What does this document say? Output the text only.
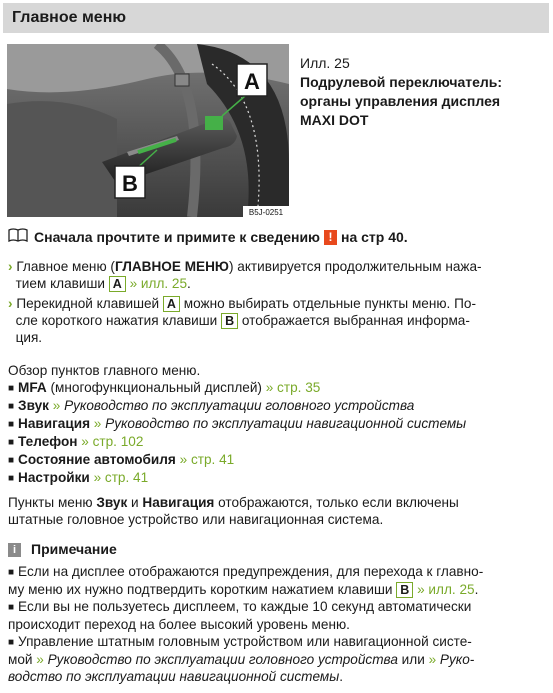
Главное меню
A
B
B5J-0251
Илл. 25
Подрулевой переключатель:
органы управления дисплея
MAXI DOT
Сначала прочтите и примите к сведению ! на стр 40.
› Главное меню (ГЛАВНОЕ МЕНЮ) активируется продолжительным нажа-
тием клавиши A » илл. 25.
› Перекидной клавишей A можно выбирать отдельные пункты меню. По-
сле короткого нажатия клавиши B отображается выбранная информа-
ция.
Обзор пунктов главного меню.
■ MFA (многофункциональный дисплей) » стр. 35
■ Звук » Руководство по эксплуатации головного устройства
■ Навигация » Руководство по эксплуатации навигационной системы
■ Телефон » стр. 102
■ Состояние автомобиля » стр. 41
■ Настройки » стр. 41
Пункты меню Звук и Навигация отображаются, только если включены
штатные головное устройство или навигационная система.
i	Примечание
■ Если на дисплее отображаются предупреждения, для перехода к главно-
му меню их нужно подтвердить коротким нажатием клавиши B » илл. 25.
■ Если вы не пользуетесь дисплеем, то каждые 10 секунд автоматически
происходит переход на более высокий уровень меню.
■ Управление штатным головным устройством или навигационной систе-
мой » Руководство по эксплуатации головного устройства или » Руко-
водство по эксплуатации навигационной системы.
